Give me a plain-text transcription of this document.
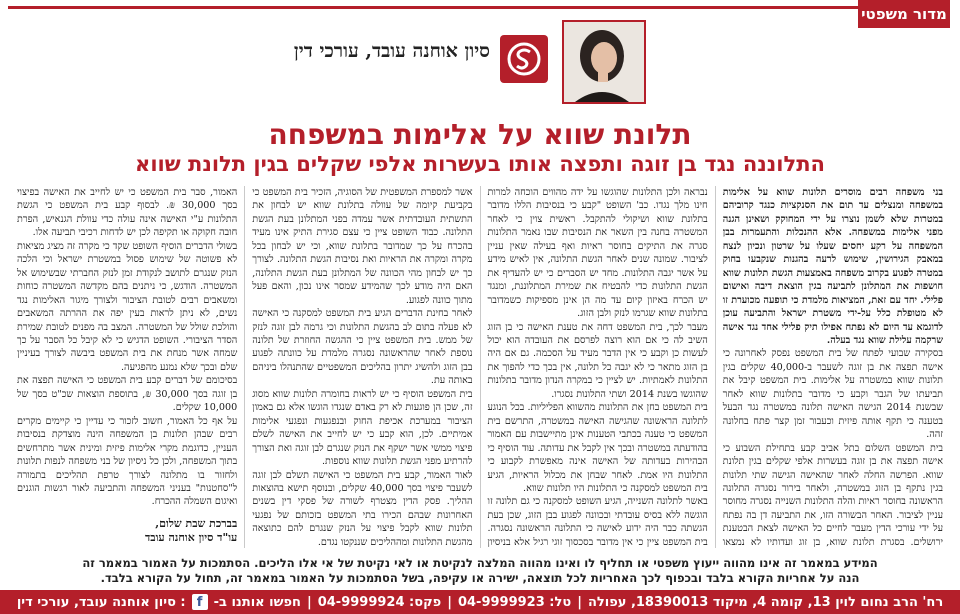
מדור משפטי
סיון אוחנה עובד, עורכי דין
תלונת שווא על אלימות במשפחה
התלוננה נגד בן זוגה ותפצה אותו בעשרות אלפי שקלים בגין תלונת שווא

בני משפחה רבים מוסרים תלונות שווא על אלימות במשפחה ומנצלים עד תום את הסנקציות כנגד קרוביהם במטרות שלא לשמן נוצרו על ידי המחוקק ושאינן הגנה מפני אלימות במשפחה. אלא ההנכלות והתעמרות בבן המשפחה על רקע יחסים שעלו על שרטון ונכיון לנצח במאבק הגירושין, שימוש לרעה בהגנות שנקבעו בחוק במטרה לפגוע בקרוב משפחה באמצעות הגשת תלונות שווא חושפות את המתלונן לתביעה בגין הוצאת דיבה ואישום פלילי. יחד עם זאת, המציאות מלמדת כי תופעה מכוערת זו לא מטופלת כלל על-ידי משטרת ישראל והתביעה עוכן לדוגמא עד היום לא נפתח אפילו תיק פלילי אחד נגד אישה שרקמה עלילת שווא נגד בעלה.

בסקירה שבועי לפתח של בית המשפט נפסק לאחרונה כי אישה תפצה את בן זוגה לשעבר ב-40,000 שקלים בגין תלונות שווא במשטרה על אלימות. בית המשפט קיבל את תביעתו של הגבר וקבע כי מדובר בתלונות שווא לאחר שבשנת 2014 הגישה האישה תלונה במשטרה נגד הבעל בטענה כי תקף אותה פיזית וכעבור זמן קצר פתח בחלונה זהה.

בית המשפט השלום בתל אביב קבע בתחילת השבוע כי אישה תפצה את בן זוגה בעשרות אלפי שקלים בגין תלונת שווא. הפרשה החלה לאחר שהאישה הגישה שתי תלונות בגין נתקף בן הזוג במשטרה, ולאחר בירור נסגרה התלונה הראשונה בחוסר ראיות והלה התלונות השנייה נסגרה מחוסר עניין לציבור. האחר הבשורה הזו, את התביעה דן בה נפתח על ידי עורכי הדין מעבר לחיים כל האישה לצאת הבטענת ירושלים. בסגרת תלונת שווא, בן זוג ועדותיו לא נמצאו

נבראה ולכן התלונות שהוגשו על ידה מהווים הוכחה למרות חינו מלך נגדו. כב' השופט "קבע כי בנסיבות הללו מדובר בתלונת שווא ושיקולי להתקבל. ראשית צוין כי לאחר המשטרה בחנה בין השאר את הנסיבות שבו נאמר התלונות סגרה את התיקים בחוסר ראיות ואף בעילה שאין עניין לציבור. שמונה שנים לאחר הגשת התלונה, אין לאיש מידע על אשר יגבה התלונות. מחד יש הסברים כי יש להעדיף את הגשת התלונות כדי להבטיח את שמירת המתלוננת, ומנגד יש הכרח באיזון קיום עד מה הן אינן מספיקות כשמדובר בתלונות שווא שגרמו לנזק ולבן הזוג.

מעבר לכך, בית המשפט דחה את טענת האישה כי בן הזוג השיב לה כי אם הוא רוצה לפרסם את העובדה הוא יכול לעשות כן וקבע כי אין הדבר מעיד על הסכמה. גם אם היה בן הזוג מתאר כי לא יגבה כל תלונה, אין בכך כדי להפוך את התלונות לאמתיות. יש לציין כי במקרה הנדון מדובר בתלונות שהוגשו בשנת 2014 ושתי התלונות נסגרו.

בית המשפט בחן את התלונות מהשווא הפליליות. בכל הנוגע לתלונה הראשונה שהגישה האישה במשטרה, התרשם בית המשפט כי טענה בכתבי הטענות אינן מתיישבות עם האמור בהודעתה במשטרה ובכך אין לקבל את עדותה. עוד הוסיף כי הבהירות בעדותה של האישה אינה מאפשרת לקבוע כי התלונות היו אמת. לאחר שבחן את מכלול הראיות, הגיע בית המשפט למסקנה כי התלונות היו תלונות שווא.

באשר לתלונה השנייה, הגיע השופט למסקנה כי גם תלונה זו הוגשה ללא בסיס עובדתי ובכוונה לפגוע בבן הזוג, שכן בעת הגשתה כבר היה ידוע לאישה כי התלונה הראשונה נסגרה. בית המשפט ציין כי אין מדובר בסכסוך זוגי רגיל אלא בניסיון

אשר למספרת המשפטית של הסוגיה, הזכיר בית המשפט כי בקביעת קיומה של עוולה בתלונת שווא יש לבחון את התשתית העובדתית אשר עמדה בפני המתלונן בעת הגשת התלונה. כבוד השופט ציין כי עצם סגירת התיק אינו מעיד בהכרח על כך שמדובר בתלונת שווא, וכי יש לבחון בכל מקרה ומקרה את הראיות ואת נסיבות הגשת התלונה. לצורך כך יש לבחון מהי הכוונה של המתלונן בעת הגשת התלונה, האם היה מודע לכך שהמידע שמסר אינו נכון, והאם פעל מתוך כוונה לפגוע.

לאחר בחינת הדברים הגיע בית המשפט למסקנה כי האישה לא פעלה בתום לב בהגשת התלונות וכי גרמה לבן זוגה לנזק של ממש. בית המשפט ציין כי ההגשה החוזרת של תלונה נוספת לאחר שהראשונה נסגרה מלמדת על כוונתה לפגוע בבן הזוג ולהשיג יתרון בהליכים המשפטיים שהתנהלו ביניהם באותה עת.

בית המשפט הוסיף כי יש לראות בחומרה תלונות שווא מסוג זה, שכן הן פוגעות לא רק באדם שנגדו הוגשו אלא גם באמון הציבור במערכת אכיפת החוק ובנפגעות ונפגעי אלימות אמיתיים. לכן, הוא קבע כי יש לחייב את האישה לשלם פיצוי ממשי אשר ישקף את הנזק שנגרם לבן זוגה ואת הצורך להרתיע מפני הגשת תלונות שווא נוספות.

לאור האמור, קבע בית המשפט כי האישה תשלם לבן זוגה לשעבר פיצוי בסך 40,000 שקלים, ובנוסף תישא בהוצאות ההליך. פסק הדין מצטרף לשורה של פסקי דין בשנים האחרונות שבהם הכירו בתי המשפט בזכותם של נפגעי תלונות שווא לקבל פיצוי על הנזק שנגרם להם כתוצאה מהגשת התלונות ומההליכים שננקטו נגדם.

האמור, סבר בית המשפט כי יש לחייב את האישה בפיצוי בסך 30,000 ₪. לבסוף קבע בית המשפט כי הגשת התלונות ע"י האישה אינה עולה כדי עוולת הגנאיש, הפרת חובה חקוקה או תקיפה לכן יש לדחות רכיבי תביעה אלו.

בשולי הדברים הוסיף השופט שקד כי מקרה זה מציג מציאות לא פשוטה של שימוש פסול במשטרת ישראל וכי הלכה הנזק שנגרם לתושב לנקודת זמן לנזק החברתי שבשימוש אל המשטרה. הודגש, כי ניתנים בהם מקדשה המשטרה כוחות ומשאבים רבים לטובת הציבור ולצורך מיגור האלימות נגד נשים, לא ניתן לראות בעין יפה את ההרתה המשאבים והולכת שולל של המשטרה. המצב בה מפנים לטובת שמירת הסדר הציבורי. השופט הדגיש כי לא קיבל כל הסבר על כך שמחה אשר מנחת את בית המשפט ביבשה לצורך בעיניין שלם ובכך שלא נמנע מהפגיעה.

בסיכומם של דברים קבע בית המשפט כי האישה תפצה את בן זוגה בסך 30,000 ₪, בתוספת הוצאות שכ"ט בסך של 10,000 שקלים.

על אף כל האמור, חשוב לזכור כי עדיין כי קיימים מקרים רבים שבהן תלונות בן המשפחה הינה מוצדקת בנסיבות העניין, כדוגמת מקרי אלימות פיזית ומינית אשר מתרחשים בתוך המשפחה, ולכן כל ניסיון של בני משפחה לנפות תלונות ולחזור בו מתלונה לצורך טרפת תהליכים בתמורה ל"סחטנות" בעניני המשפחה והתביעה לאור רגשות הוגנים ואיגום השמלה ההכרח.

בברכת שבת שלום,
עו"ד סיון אוחנה עובד
המידע במאמר זה אינו מהווה ייעוץ משפטי או תחליף לו ואינו מהווה המלצה לנקיטת או לאי נקיטת של אי אלו הליכים. הסתמכות על האמור במאמר זה
הנה על אחריות הקורא בלבד ובכפוף לכך האחריות לכל תוצאה, ישירה או עקיפה, בשל הסתמכות על האמור במאמר זה, תחול על הקורא בלבד.
רח' הרב נחום לוין 13, קומה 4, מיקוד 18390013, עפולה
|
טל: 04-9999923
|
פקס: 04-9999924
|
חפשו אותנו ב-
f
: סיון אוחנה עובד, עורכי דין
